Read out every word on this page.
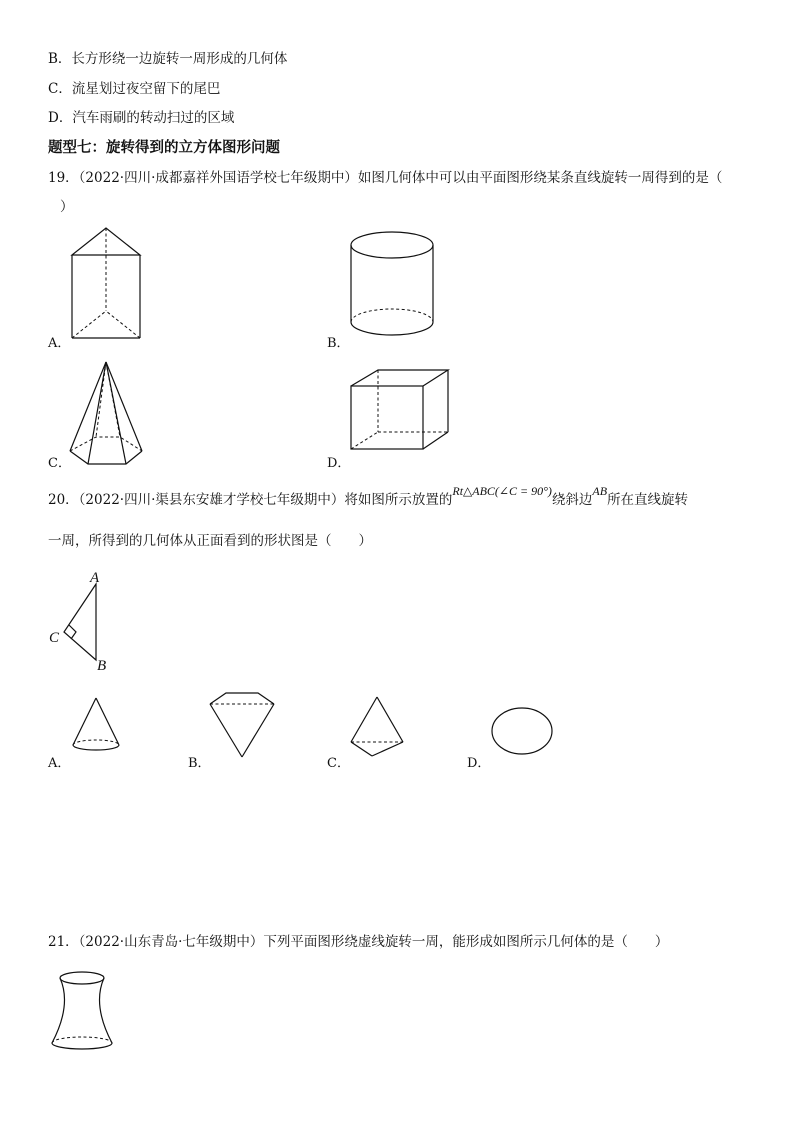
B．长方形绕一边旋转一周形成的几何体
C．流星划过夜空留下的尾巴
D．汽车雨刷的转动扫过的区域
题型七：旋转得到的立方体图形问题
19．（2022·四川·成都嘉祥外国语学校七年级期中）如图几何体中可以由平面图形绕某条直线旋转一周得到的是（
）
A．	B．
C．	D．
20．（2022·四川·渠县东安雄才学校七年级期中）将如图所示放置的Rt△ABC(∠C = 90°)绕斜边AB所在直线旋转
一周，所得到的几何体从正面看到的形状图是（　　）
A
C
B
A．	B．	C．	D．
21．（2022·山东青岛·七年级期中）下列平面图形绕虚线旋转一周，能形成如图所示几何体的是（　　）
